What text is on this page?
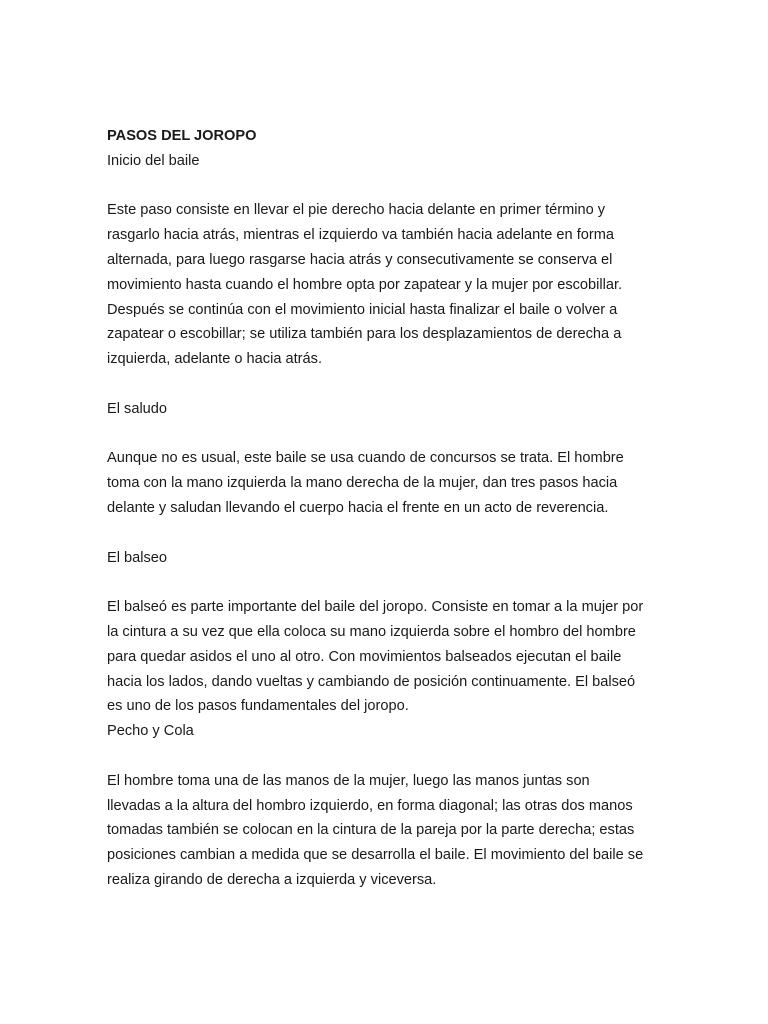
PASOS DEL JOROPO
Inicio del baile
Este paso consiste en llevar el pie derecho hacia delante en primer término y
rasgarlo hacia atrás, mientras el izquierdo va también hacia adelante en forma
alternada, para luego rasgarse hacia atrás y consecutivamente se conserva el
movimiento hasta cuando el hombre opta por zapatear y la mujer por escobillar.
Después se continúa con el movimiento inicial hasta finalizar el baile o volver a
zapatear o escobillar; se utiliza también para los desplazamientos de derecha a
izquierda, adelante o hacia atrás.
El saludo
Aunque no es usual, este baile se usa cuando de concursos se trata. El hombre
toma con la mano izquierda la mano derecha de la mujer, dan tres pasos hacia
delante y saludan llevando el cuerpo hacia el frente en un acto de reverencia.
El balseo
El balseó es parte importante del baile del joropo. Consiste en tomar a la mujer por
la cintura a su vez que ella coloca su mano izquierda sobre el hombro del hombre
para quedar asidos el uno al otro. Con movimientos balseados ejecutan el baile
hacia los lados, dando vueltas y cambiando de posición continuamente. El balseó
es uno de los pasos fundamentales del joropo.
Pecho y Cola
El hombre toma una de las manos de la mujer, luego las manos juntas son
llevadas a la altura del hombro izquierdo, en forma diagonal; las otras dos manos
tomadas también se colocan en la cintura de la pareja por la parte derecha; estas
posiciones cambian a medida que se desarrolla el baile. El movimiento del baile se
realiza girando de derecha a izquierda y viceversa.
